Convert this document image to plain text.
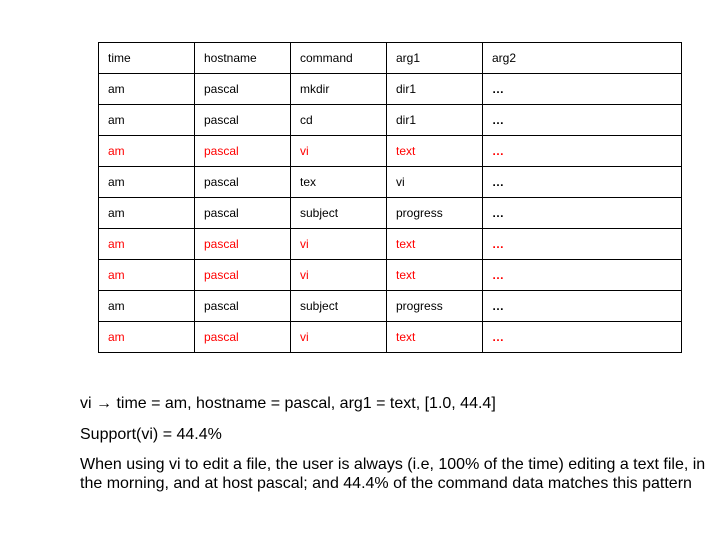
time	hostname	command	arg1	arg2
am	pascal	mkdir	dir1	…
am	pascal	cd	dir1	…
am	pascal	vi	text	…
am	pascal	tex	vi	…
am	pascal	subject	progress	…
am	pascal	vi	text	…
am	pascal	vi	text	…
am	pascal	subject	progress	…
am	pascal	vi	text	…

vi → time = am, hostname = pascal, arg1 = text, [1.0, 44.4]

Support(vi) = 44.4%

When using vi to edit a file, the user is always (i.e, 100% of the time) editing a text file, in the morning, and at host pascal; and 44.4% of the command data matches this pattern
